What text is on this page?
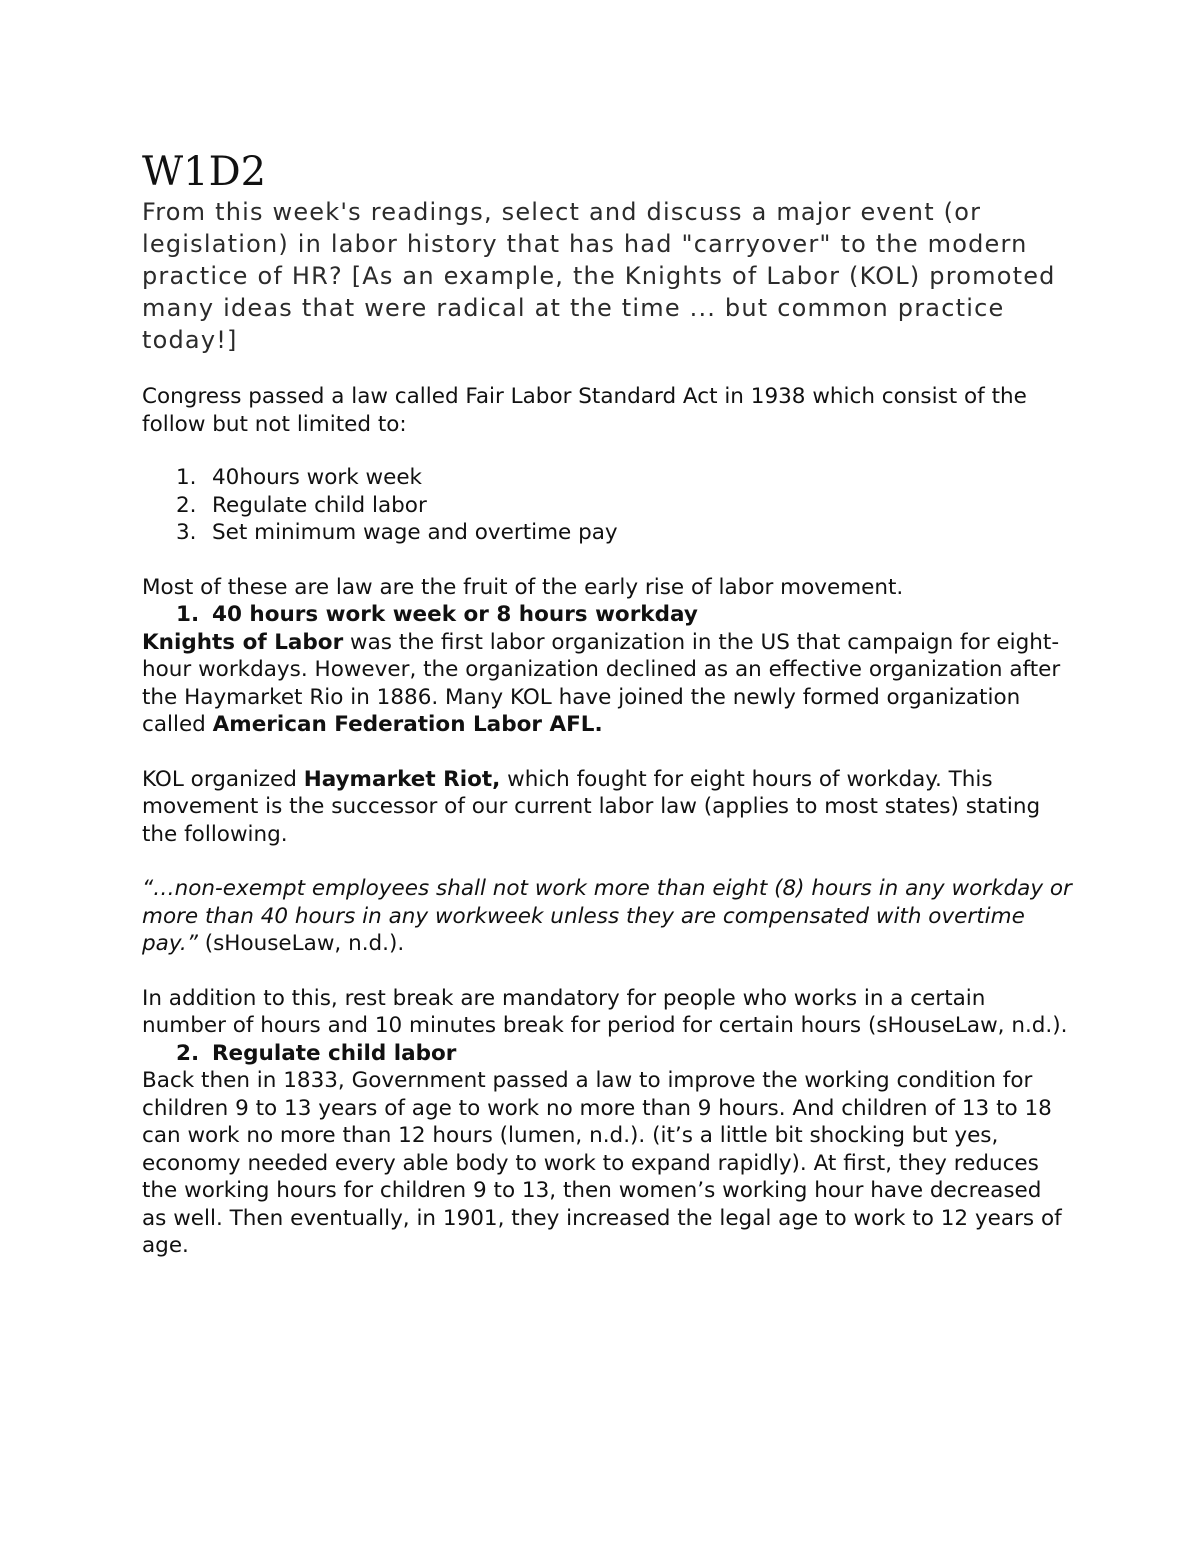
W1D2

From this week's readings, select and discuss a major event (or legislation) in labor history that has had "carryover" to the modern practice of HR? [As an example, the Knights of Labor (KOL) promoted many ideas that were radical at the time ... but common practice today!]

Congress passed a law called Fair Labor Standard Act in 1938 which consist of the follow but not limited to:

1. 40hours work week
2. Regulate child labor
3. Set minimum wage and overtime pay

Most of these are law are the fruit of the early rise of labor movement.

1. 40 hours work week or 8 hours workday

Knights of Labor was the first labor organization in the US that campaign for eight-hour workdays. However, the organization declined as an effective organization after the Haymarket Rio in 1886. Many KOL have joined the newly formed organization called American Federation Labor AFL.

KOL organized Haymarket Riot, which fought for eight hours of workday. This movement is the successor of our current labor law (applies to most states) stating the following.

“…non-exempt employees shall not work more than eight (8) hours in any workday or more than 40 hours in any workweek unless they are compensated with overtime pay.” (sHouseLaw, n.d.).

In addition to this, rest break are mandatory for people who works in a certain number of hours and 10 minutes break for period for certain hours (sHouseLaw, n.d.).

2. Regulate child labor

Back then in 1833, Government passed a law to improve the working condition for children 9 to 13 years of age to work no more than 9 hours. And children of 13 to 18 can work no more than 12 hours (lumen, n.d.). (it’s a little bit shocking but yes, economy needed every able body to work to expand rapidly). At first, they reduces the working hours for children 9 to 13, then women’s working hour have decreased as well. Then eventually, in 1901, they increased the legal age to work to 12 years of age.
